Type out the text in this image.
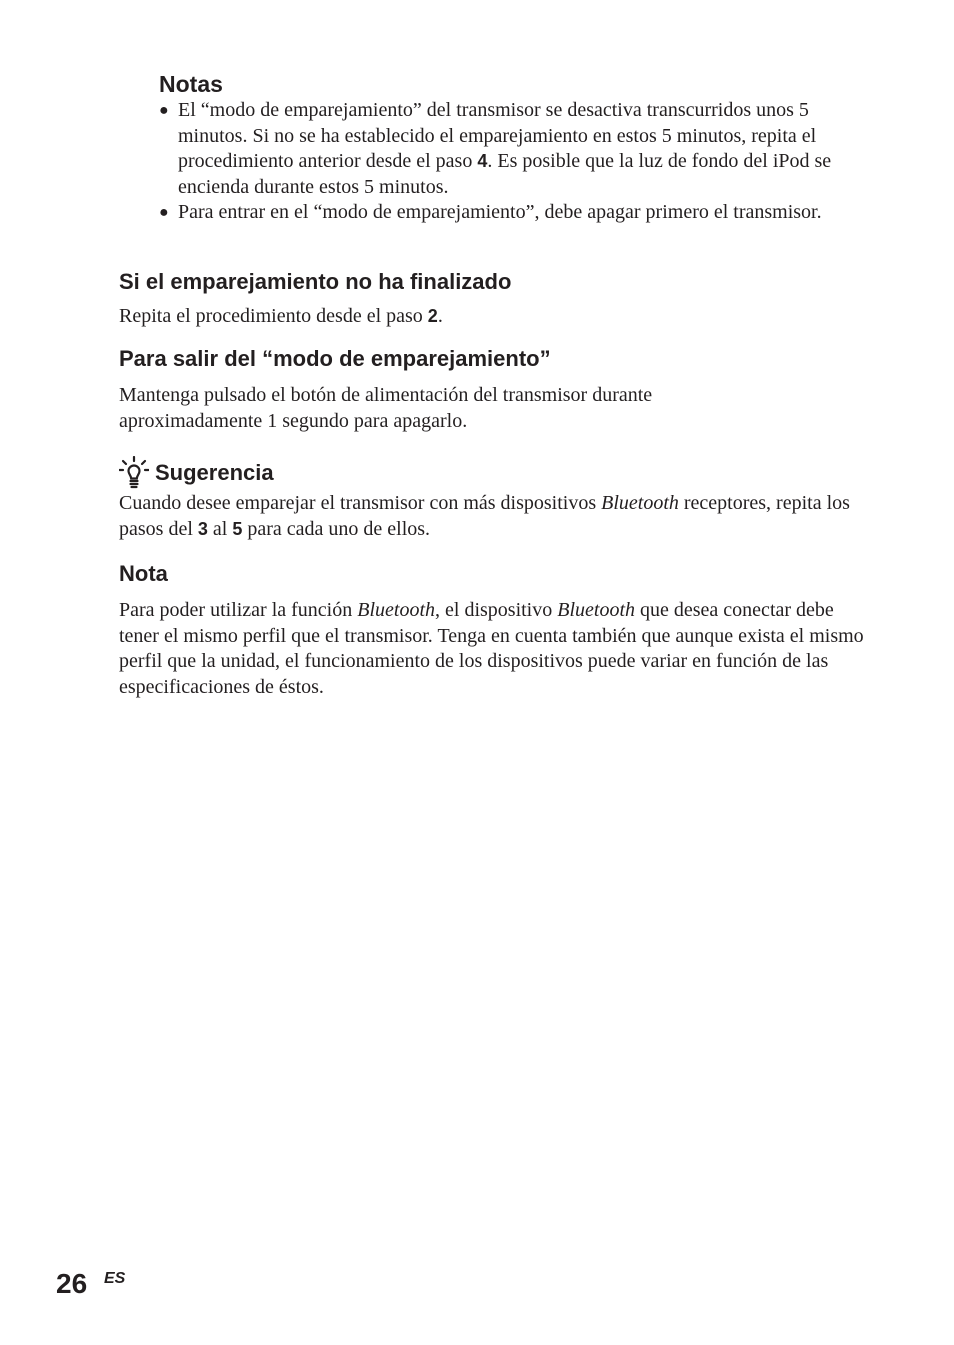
Notas
● El “modo de emparejamiento” del transmisor se desactiva transcurridos unos 5 minutos. Si no se ha establecido el emparejamiento en estos 5 minutos, repita el procedimiento anterior desde el paso 4. Es posible que la luz de fondo del iPod se encienda durante estos 5 minutos.
● Para entrar en el “modo de emparejamiento”, debe apagar primero el transmisor.
Si el emparejamiento no ha finalizado
Repita el procedimiento desde el paso 2.
Para salir del “modo de emparejamiento”
Mantenga pulsado el botón de alimentación del transmisor durante aproximadamente 1 segundo para apagarlo.
Sugerencia
Cuando desee emparejar el transmisor con más dispositivos Bluetooth receptores, repita los pasos del 3 al 5 para cada uno de ellos.
Nota
Para poder utilizar la función Bluetooth, el dispositivo Bluetooth que desea conectar debe tener el mismo perfil que el transmisor. Tenga en cuenta también que aunque exista el mismo perfil que la unidad, el funcionamiento de los dispositivos puede variar en función de las especificaciones de éstos.
26 ES
